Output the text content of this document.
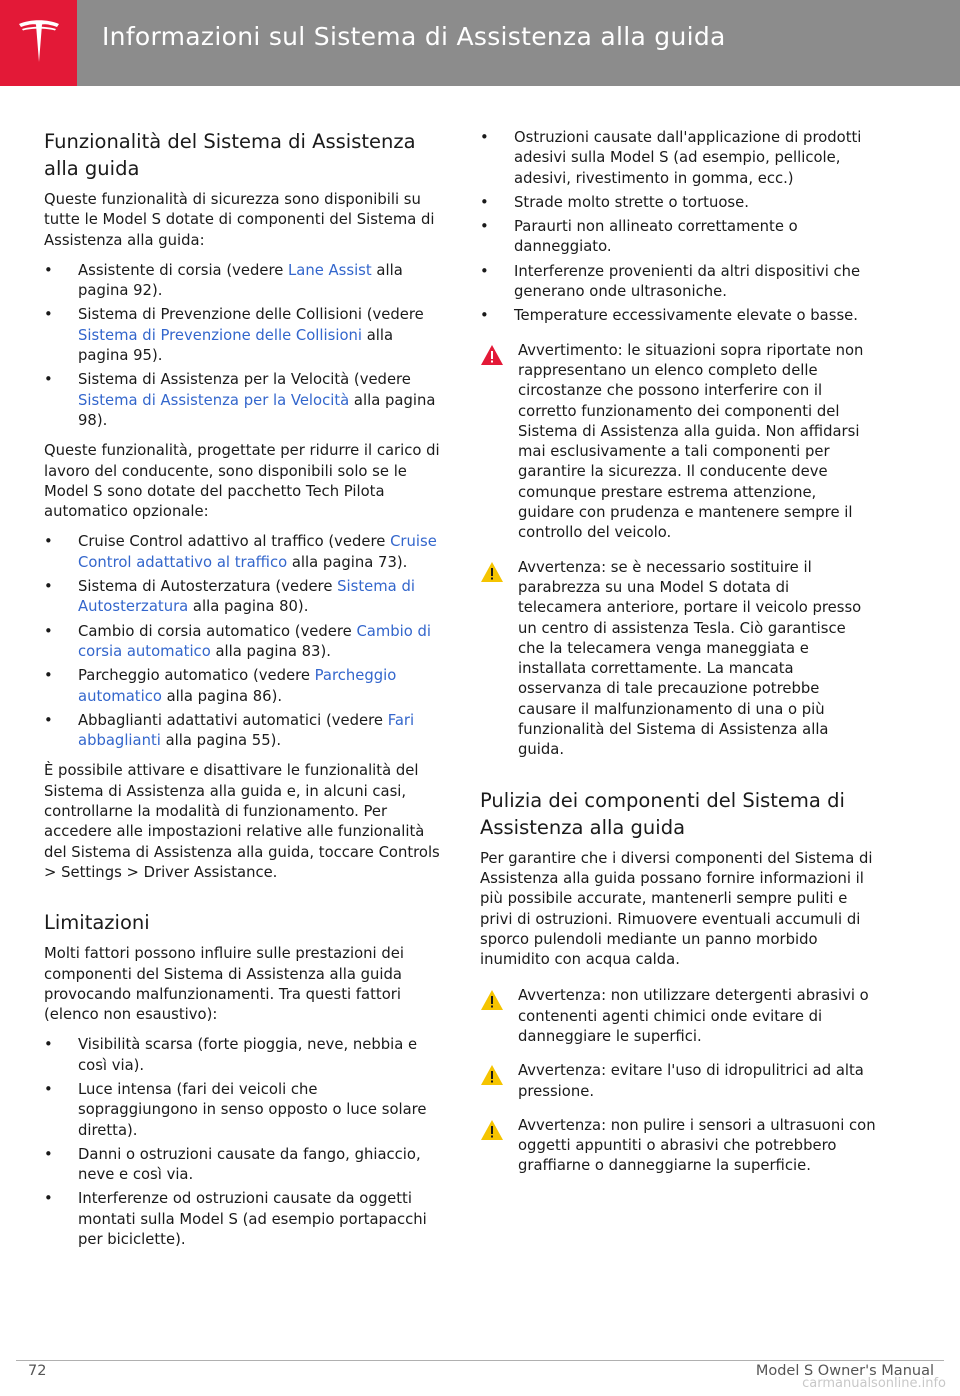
Informazioni sul Sistema di Assistenza alla guida
Funzionalità del Sistema di Assistenza alla guida

Queste funzionalità di sicurezza sono disponibili su tutte le Model S dotate di componenti del Sistema di Assistenza alla guida:

•	Assistente di corsia (vedere Lane Assist alla pagina 92).
•	Sistema di Prevenzione delle Collisioni (vedere Sistema di Prevenzione delle Collisioni alla pagina 95).
•	Sistema di Assistenza per la Velocità (vedere Sistema di Assistenza per la Velocità alla pagina 98).

Queste funzionalità, progettate per ridurre il carico di lavoro del conducente, sono disponibili solo se le Model S sono dotate del pacchetto Tech Pilota automatico opzionale:

•	Cruise Control adattivo al traffico (vedere Cruise Control adattativo al traffico alla pagina 73).
•	Sistema di Autosterzatura (vedere Sistema di Autosterzatura alla pagina 80).
•	Cambio di corsia automatico (vedere Cambio di corsia automatico alla pagina 83).
•	Parcheggio automatico (vedere Parcheggio automatico alla pagina 86).
•	Abbaglianti adattativi automatici (vedere Fari abbaglianti alla pagina 55).

È possibile attivare e disattivare le funzionalità del Sistema di Assistenza alla guida e, in alcuni casi, controllarne la modalità di funzionamento. Per accedere alle impostazioni relative alle funzionalità del Sistema di Assistenza alla guida, toccare Controls > Settings > Driver Assistance.

Limitazioni

Molti fattori possono influire sulle prestazioni dei componenti del Sistema di Assistenza alla guida provocando malfunzionamenti. Tra questi fattori (elenco non esaustivo):

•	Visibilità scarsa (forte pioggia, neve, nebbia e così via).
•	Luce intensa (fari dei veicoli che sopraggiungono in senso opposto o luce solare diretta).
•	Danni o ostruzioni causate da fango, ghiaccio, neve e così via.
•	Interferenze od ostruzioni causate da oggetti montati sulla Model S (ad esempio portapacchi per biciclette).
•	Ostruzioni causate dall'applicazione di prodotti adesivi sulla Model S (ad esempio, pellicole, adesivi, rivestimento in gomma, ecc.)
•	Strade molto strette o tortuose.
•	Paraurti non allineato correttamente o danneggiato.
•	Interferenze provenienti da altri dispositivi che generano onde ultrasoniche.
•	Temperature eccessivamente elevate o basse.
Avvertimento: le situazioni sopra riportate non rappresentano un elenco completo delle circostanze che possono interferire con il corretto funzionamento dei componenti del Sistema di Assistenza alla guida. Non affidarsi mai esclusivamente a tali componenti per garantire la sicurezza. Il conducente deve comunque prestare estrema attenzione, guidare con prudenza e mantenere sempre il controllo del veicolo.
Avvertenza: se è necessario sostituire il parabrezza su una Model S dotata di telecamera anteriore, portare il veicolo presso un centro di assistenza Tesla. Ciò garantisce che la telecamera venga maneggiata e installata correttamente. La mancata osservanza di tale precauzione potrebbe causare il malfunzionamento di una o più funzionalità del Sistema di Assistenza alla guida.
Pulizia dei componenti del Sistema di Assistenza alla guida

Per garantire che i diversi componenti del Sistema di Assistenza alla guida possano fornire informazioni il più possibile accurate, mantenerli sempre puliti e privi di ostruzioni. Rimuovere eventuali accumuli di sporco pulendoli mediante un panno morbido inumidito con acqua calda.

Avvertenza: non utilizzare detergenti abrasivi o contenenti agenti chimici onde evitare di danneggiare le superfici.
Avvertenza: evitare l'uso di idropulitrici ad alta pressione.
Avvertenza: non pulire i sensori a ultrasuoni con oggetti appuntiti o abrasivi che potrebbero graffiarne o danneggiarne la superficie.
72	Model S Owner's Manual
carmanualsonline.info
